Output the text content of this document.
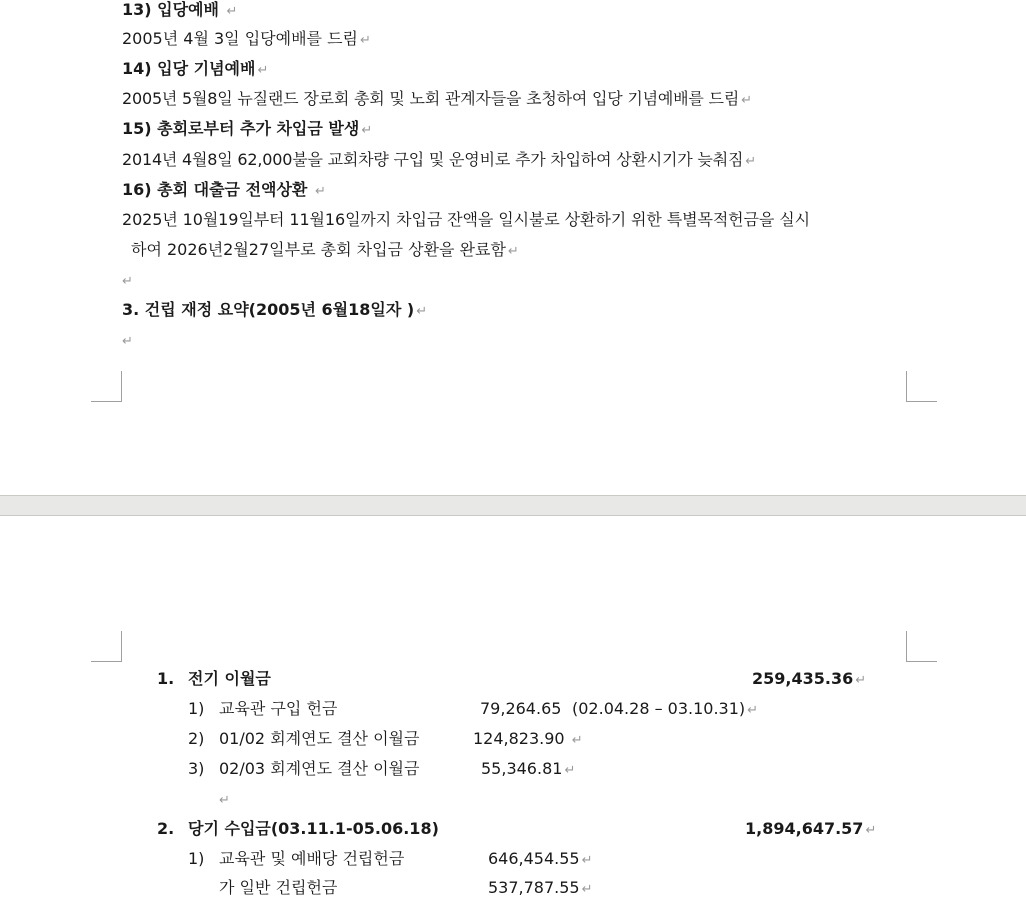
13) 입당예배 ↵
2005년 4월 3일 입당예배를 드림 ↵
14) 입당 기념예배 ↵
2005년 5월8일 뉴질랜드 장로회 총회 및 노회 관계자들을 초청하여 입당 기념예배를 드림 ↵
15) 총회로부터 추가 차입금 발생 ↵
2014년 4월8일 62,000불을 교회차량 구입 및 운영비로 추가 차입하여 상환시기가 늦춰짐 ↵
16) 총회 대출금 전액상환 ↵
2025년 10월19일부터 11월16일까지 차입금 잔액을 일시불로 상환하기 위한 특별목적헌금을 실시
하여 2026년2월27일부로 총회 차입금 상환을 완료함 ↵
↵
3. 건립 재정 요약(2005년 6월18일자 ) ↵
↵
1. 전기 이월금	259,435.36 ↵
1) 교육관 구입 헌금	79,264.65 (02.04.28 – 03.10.31) ↵
2) 01/02 회계연도 결산 이월금	124,823.90 ↵
3) 02/03 회계연도 결산 이월금	55,346.81 ↵
↵
2. 당기 수입금(03.11.1-05.06.18)	1,894,647.57 ↵
1) 교육관 및 예배당 건립헌금	646,454.55 ↵
가 일반 건립헌금	537,787.55 ↵
